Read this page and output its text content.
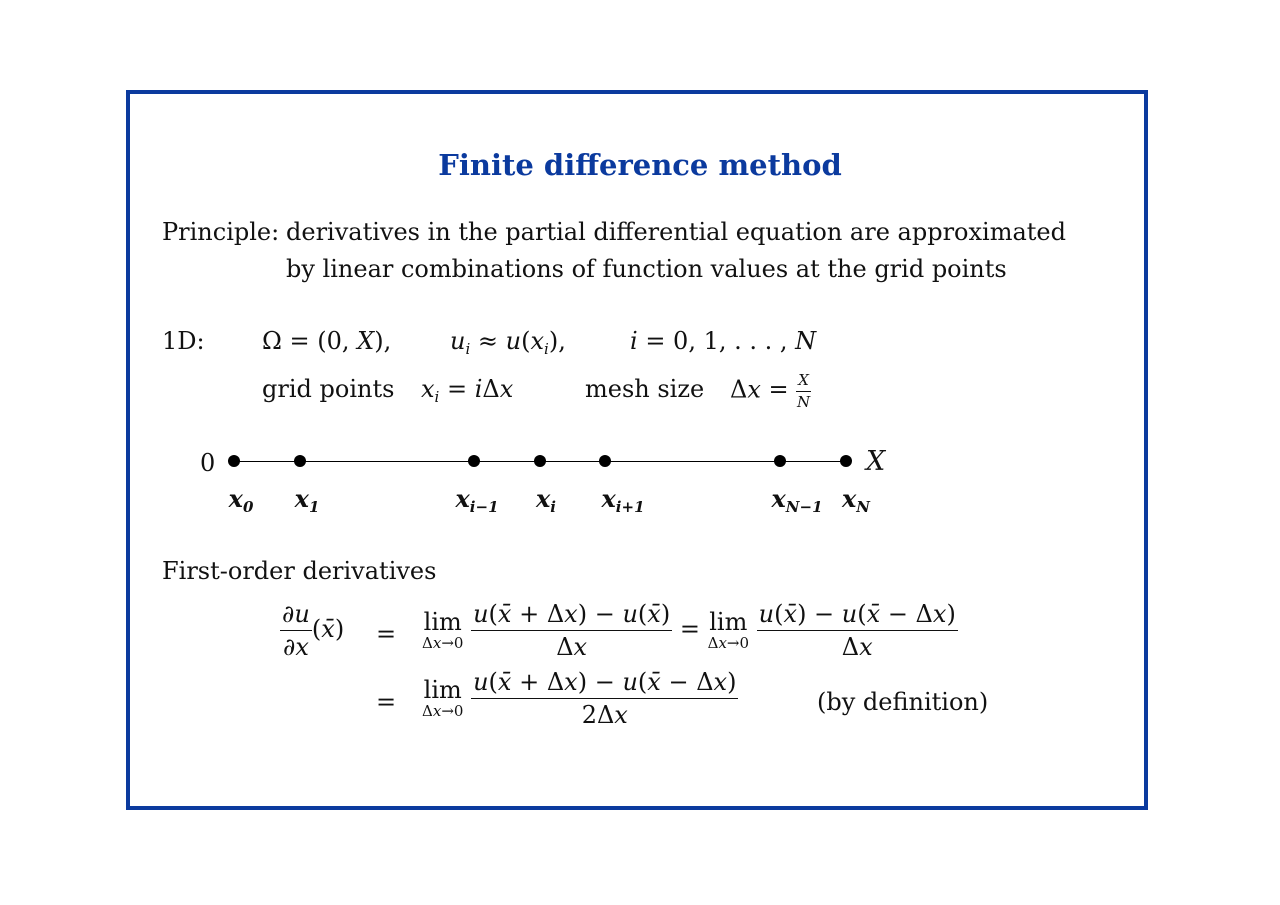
Finite difference method
Principle: derivatives in the partial differential equation are approximated
by linear combinations of function values at the grid points
1D: Ω = (0, X), $u_i \approx u(x_i)$,	i = 0, 1, . . . , N
grid points $x_i = i\Delta x$	mesh size $\Delta x = \frac{X}{N}$
0	X
$x_0$ $x_1$	$x_{i-1}$ $x_i$ $x_{i+1}$	$x_{N-1}$ $x_N$
First-order derivatives
$\frac{\partial u}{\partial x}$ (x̄) = lim
Δx→0
$\frac{u(x̄ + \Delta x) - u(x̄)}{\Delta x} = \lim$
Δx→0
$\frac{u(x̄) - u(x̄ - \Delta x)}{\Delta x}$
= lim
Δx→0
$\frac{u(x̄ + \Delta x) - u(x̄ - \Delta x)}{2\Delta x}$	(by definition)
